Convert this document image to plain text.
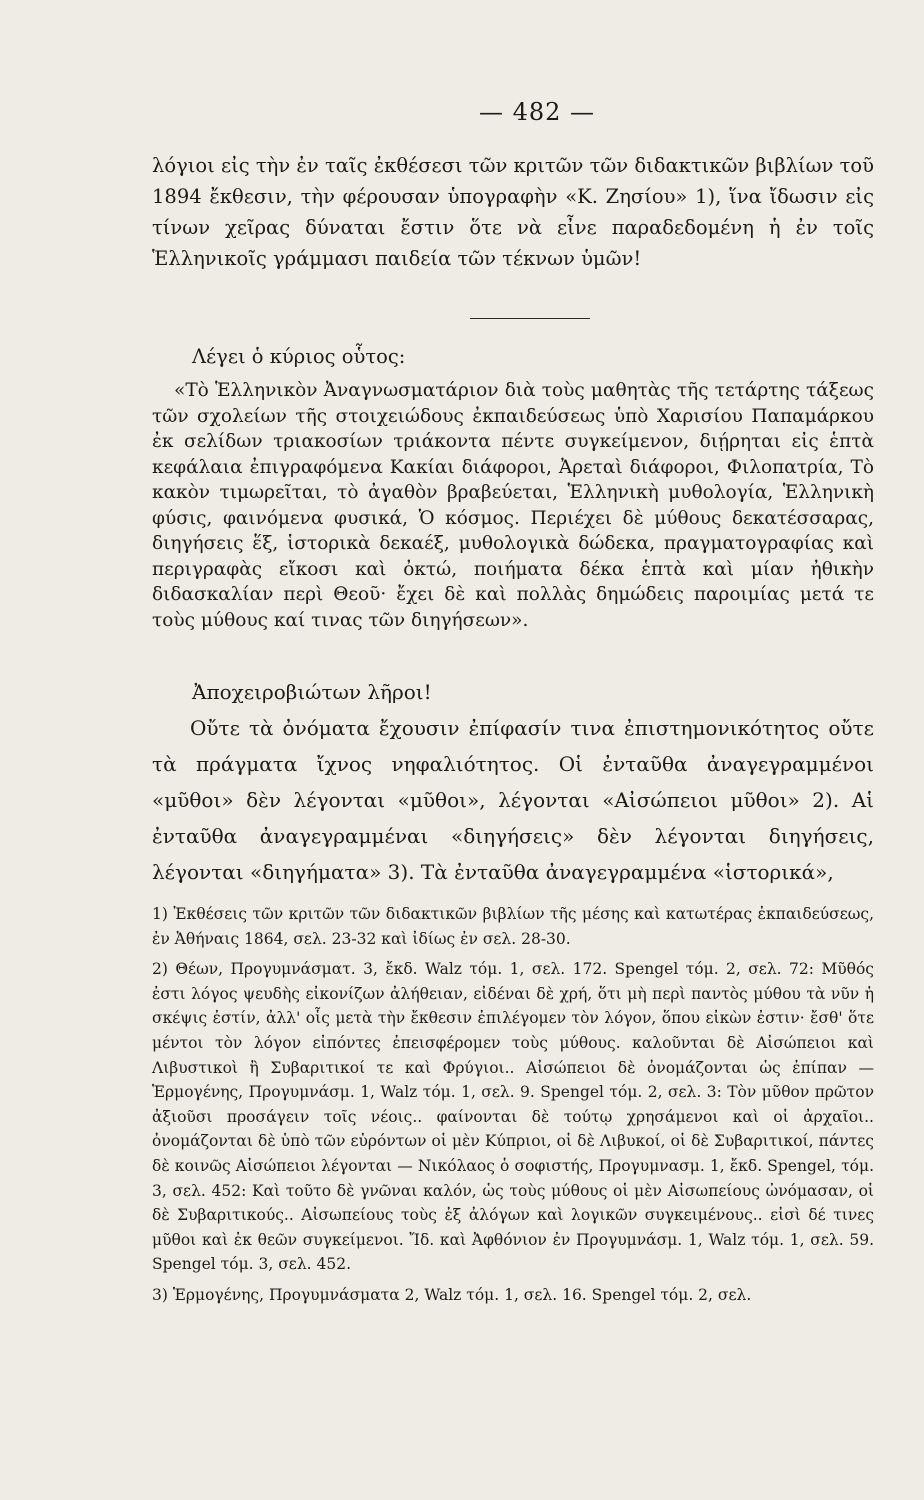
— 482 —

λόγιοι εἰς τὴν ἐν ταῖς ἐκθέσεσι τῶν κριτῶν τῶν διδακτικῶν βιβλίων τοῦ 1894 ἔκθεσιν, τὴν φέρουσαν ὑπογραφὴν «Κ. Ζησίου» 1), ἵνα ἴδωσιν εἰς τίνων χεῖρας δύναται ἔστιν ὅτε νὰ εἶνε παραδεδομένη ἡ ἐν τοῖς Ἑλληνικοῖς γράμμασι παιδεία τῶν τέκνων ὑμῶν!

Λέγει ὁ κύριος οὗτος:

«Τὸ Ἑλληνικὸν Ἀναγνωσματάριον διὰ τοὺς μαθητὰς τῆς τετάρτης τάξεως τῶν σχολείων τῆς στοιχειώδους ἐκπαιδεύσεως ὑπὸ Χαρισίου Παπαμάρκου ἐκ σελίδων τριακοσίων τριάκοντα πέντε συγκείμενον, διῄρηται εἰς ἑπτὰ κεφάλαια ἐπιγραφόμενα Κακίαι διάφοροι, Ἀρεταὶ διάφοροι, Φιλοπατρία, Τὸ κακὸν τιμωρεῖται, τὸ ἀγαθὸν βραβεύεται, Ἑλληνικὴ μυθολογία, Ἑλληνικὴ φύσις, φαινόμενα φυσικά, Ὁ κόσμος. Περιέχει δὲ μύθους δεκατέσσαρας, διηγήσεις ἕξ, ἱστορικὰ δεκαέξ, μυθολογικὰ δώδεκα, πραγματογραφίας καὶ περιγραφὰς εἴκοσι καὶ ὀκτώ, ποιήματα δέκα ἑπτὰ καὶ μίαν ἠθικὴν διδασκαλίαν περὶ Θεοῦ· ἔχει δὲ καὶ πολλὰς δημώδεις παροιμίας μετά τε τοὺς μύθους καί τινας τῶν διηγήσεων».

Ἀποχειροβιώτων λῆροι!

Οὔτε τὰ ὀνόματα ἔχουσιν ἐπίφασίν τινα ἐπιστημονικότητος οὔτε τὰ πράγματα ἴχνος νηφαλιότητος. Οἱ ἐνταῦθα ἀναγεγραμμένοι «μῦθοι» δὲν λέγονται «μῦθοι», λέγονται «Αἰσώπειοι μῦθοι» 2). Αἱ ἐνταῦθα ἀναγεγραμμέναι «διηγήσεις» δὲν λέγονται διηγήσεις, λέγονται «διηγήματα» 3). Τὰ ἐνταῦθα ἀναγεγραμμένα «ἱστορικά»,

1) Ἐκθέσεις τῶν κριτῶν τῶν διδακτικῶν βιβλίων τῆς μέσης καὶ κατωτέρας ἐκπαιδεύσεως, ἐν Ἀθήναις 1864, σελ. 23-32 καὶ ἰδίως ἐν σελ. 28-30.

2) Θέων, Προγυμνάσματ. 3, ἔκδ. Walz τόμ. 1, σελ. 172. Spengel τόμ. 2, σελ. 72: Μῦθός ἐστι λόγος ψευδὴς εἰκονίζων ἀλήθειαν, εἰδέναι δὲ χρή, ὅτι μὴ περὶ παντὸς μύθου τὰ νῦν ἡ σκέψις ἐστίν, ἀλλ' οἷς μετὰ τὴν ἔκθεσιν ἐπιλέγομεν τὸν λόγον, ὅπου εἰκὼν ἐστιν· ἔσθ' ὅτε μέντοι τὸν λόγον εἰπόντες ἐπεισφέρομεν τοὺς μύθους. καλοῦνται δὲ Αἰσώπειοι καὶ Λιβυστικοὶ ἢ Συβαριτικοί τε καὶ Φρύγιοι.. Αἰσώπειοι δὲ ὀνομάζονται ὡς ἐπίπαν — Ἑρμογένης, Προγυμνάσμ. 1, Walz τόμ. 1, σελ. 9. Spengel τόμ. 2, σελ. 3: Τὸν μῦθον πρῶτον ἀξιοῦσι προσάγειν τοῖς νέοις.. φαίνονται δὲ τούτῳ χρησάμενοι καὶ οἱ ἀρχαῖοι.. ὀνομάζονται δὲ ὑπὸ τῶν εὑρόντων οἱ μὲν Κύπριοι, οἱ δὲ Λιβυκοί, οἱ δὲ Συβαριτικοί, πάντες δὲ κοινῶς Αἰσώπειοι λέγονται — Νικόλαος ὁ σοφιστής, Προγυμνασμ. 1, ἔκδ. Spengel, τόμ. 3, σελ. 452: Καὶ τοῦτο δὲ γνῶναι καλόν, ὡς τοὺς μύθους οἱ μὲν Αἰσωπείους ὠνόμασαν, οἱ δὲ Συβαριτικούς.. Αἰσωπείους τοὺς ἐξ ἀλόγων καὶ λογικῶν συγκειμένους.. εἰσὶ δέ τινες μῦθοι καὶ ἐκ θεῶν συγκείμενοι. Ἴδ. καὶ Ἀφθόνιον ἐν Προγυμνάσμ. 1, Walz τόμ. 1, σελ. 59. Spengel τόμ. 3, σελ. 452.

3) Ἑρμογένης, Προγυμνάσματα 2, Walz τόμ. 1, σελ. 16. Spengel τόμ. 2, σελ.
